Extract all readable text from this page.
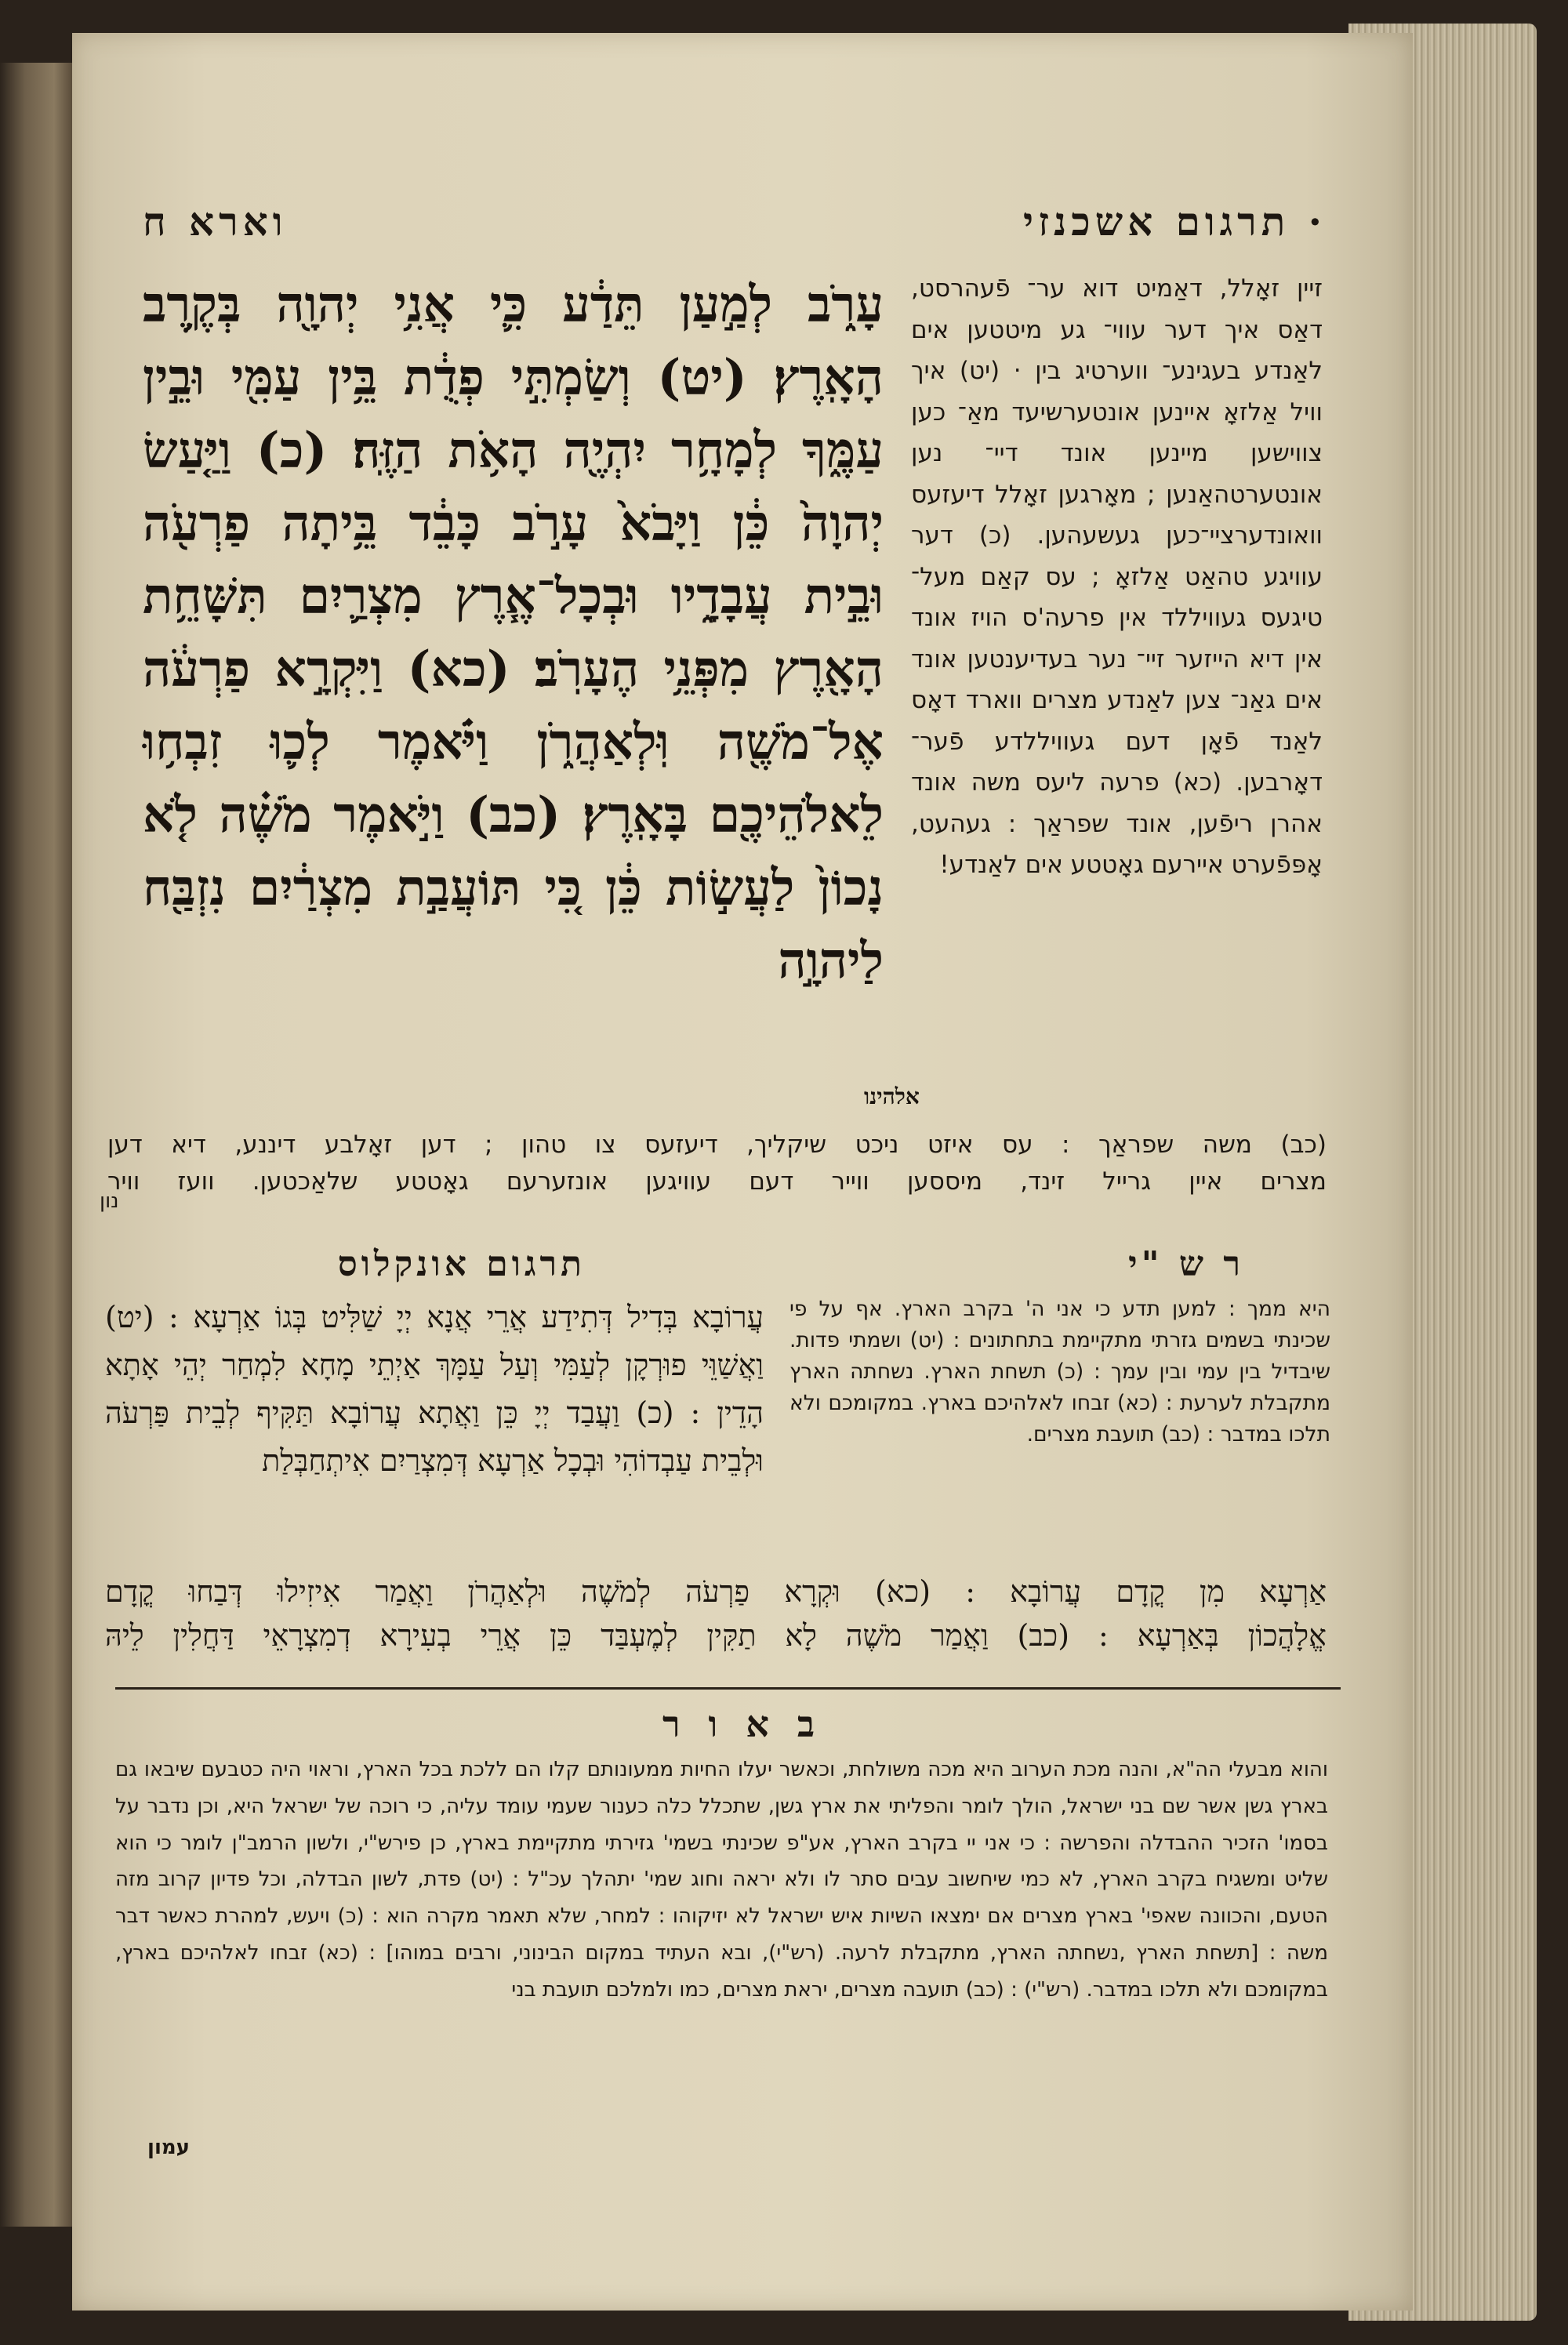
· תרגום אשכנזי
וארא ח
זיין זאָלל, דאַמיט דוא ער־ פֿעהרסט, דאַס איך דער עווי־ גע מיטטען אים לאַנדע בעגינע־ ווערטיג בין · (יט) איך וויל אַלזאָ איינען אונטערשיעד מאַ־ כען צווישען מיינען אונד דיי־ נען אונטערטהאַנען ; מאָרגען זאָלל דיעזעס וואונדערציי־כען געשעהען. (כ) דער עוויגע טהאַט אַלזאָ ; עס קאַם מעל־ טיגעס געוויללד אין פרעה'ס הויז אונד אין דיא הייזער זיי־ נער בעדיענטען אונד אים גאַנ־ צען לאַנדע מצרים ווארד דאָס לאַנד פֿאָן דעם געוויללדע פֿער־ דאָרבען. (כא) פרעה ליעס משה אונד אהרן ריפֿען, אונד שפראַך : געהעט, אָפּפֿערט איירעם גאָטטע אים לאַנדע!
עָרֹ֑ב לְמַ֣עַן תֵּדַ֔ע כִּ֛י אֲנִ֥י יְהוָ֖ה בְּקֶ֥רֶב הָאָֽרֶץ׃ (יט) וְשַׂמְתִּ֣י פְדֻ֔ת בֵּ֥ין עַמִּ֖י וּבֵ֣ין עַמֶּ֑ךָ לְמָחָ֥ר יִהְיֶ֖ה הָאֹ֥ת הַזֶּֽה׃ (כ) וַיַּ֤עַשׂ יְהוָה֙ כֵּ֔ן וַיָּבֹא֙ עָרֹ֣ב כָּבֵ֔ד בֵּ֥יתָה פַרְעֹ֖ה וּבֵ֣ית עֲבָדָ֑יו וּבְכָל־אֶ֧רֶץ מִצְרַ֛יִם תִּשָּׁחֵ֥ת הָאָ֖רֶץ מִפְּנֵ֥י הֶעָרֹֽב׃ (כא) וַיִּקְרָ֣א פַרְעֹ֔ה אֶל־מֹשֶׁ֖ה וּֽלְאַהֲרֹ֑ן וַיֹּ֗אמֶר לְכ֛וּ זִבְח֥וּ לֵאלֹהֵיכֶ֖ם בָּאָֽרֶץ׃ (כב) וַיֹּ֣אמֶר מֹשֶׁ֗ה לֹ֤א נָכוֹן֙ לַעֲשׂ֣וֹת כֵּ֔ן כִּ֚י תּוֹעֲבַ֣ת מִצְרַ֔יִם נִזְבַּ֖ח לַיהוָ֣ה
אלהינו
(כב) משה שפראַך : עס איזט ניכט שיקליך, דיעזעס צו טהון ; דען זאָלבע דיננע, דיא דען
מצרים איין גרייל זינד, מיססען ווייר דעם עוויגען אונזערעם גאָטטע שלאַכטען. וועז וויר
נון
ר ש "י
תרגום אונקלוס
היא ממך : למען תדע כי אני ה' בקרב הארץ. אף על פי שכינתי בשמים גזרתי מתקיימת בתחתונים : (יט) ושמתי פדות. שיבדיל בין עמי ובין עמך : (כ) תשחת הארץ. נשחתה הארץ מתקבלת לערעת : (כא) זבחו לאלהיכם בארץ. במקומכם ולא תלכו במדבר : (כב) תועבת מצרים.
עֲרוֹבָא בְּדִיל דְּתִידַע אֲרֵי אֲנָא יְיָ שַׁלִּיט בְּגוֹ אַרְעָא : (יט) וַאֲשַׁוֵּי פוּרְקָן לְעַמִּי וְעַל עַמָּךְ אַיְתֵי מָחָא לִמְחַר יְהֵי אָתָא הָדֵין : (כ) וַעֲבַד יְיָ כֵּן וַאֲתָא עֲרוֹבָא תַּקִּיף לְבֵית פַּרְעֹה וּלְבֵית עַבְדוֹהִי וּבְכָל אַרְעָא דְּמִצְרַיִם אִיתְחַבְּלַת
אַרְעָא מִן קֳדָם עֲרוֹבָא : (כא) וּקְרָא פַרְעֹה לְמֹשֶׁה וּלְאַהֲרֹן וַאֲמַר אִיזִילוּ דְּבַחוּ קֳדָם
אֱלָהֲכוֹן בְּאַרְעָא : (כב) וַאֲמַר מֹשֶׁה לָא תַקִּין לְמֶעְבַּד כֵּן אֲרֵי בְעִירָא דְמִצְרָאֵי דַּחֲלִין לֵיהּ
ב א ו ר
והוא מבעלי הה"א, והנה מכת הערוב היא מכה משולחת, וכאשר יעלו החיות ממעונותם קלו הם ללכת בכל הארץ, וראוי היה כטבעם שיבאו גם בארץ גשן אשר שם בני ישראל, הולך לומר והפליתי את ארץ גשן, שתכלל כלה כענור שעמי עומד עליה, כי רוכה של ישראל היא, וכן נדבר על בסמו' הזכיר ההבדלה והפרשה : כי אני יי בקרב הארץ, אע"פ שכינתי בשמי' גזירתי מתקיימת בארץ, כן פירש"י, ולשון הרמב"ן לומר כי הוא שליט ומשגיח בקרב הארץ, לא כמי שיחשוב עבים סתר לו ולא יראה וחוג שמי' יתהלך עכ"ל : (יט) פדת, לשון הבדלה, וכל פדיון קרוב מזה הטעם, והכוונה שאפי' בארץ מצרים אם ימצאו השיות איש ישראל לא יזיקוהו : למחר, שלא תאמר מקרה הוא : (כ) ויעש, למהרת כאשר דבר משה : [תשחת הארץ ,נשחתה הארץ, מתקבלת לרעה. (רש"י), ובא העתיד במקום הבינוני, ורבים במוהו] : (כא) זבחו לאלהיכם בארץ, במקומכם ולא תלכו במדבר. (רש"י) : (כב) תועבה מצרים, יראת מצרים, כמו ולמלכם תועבת בני
עמון
